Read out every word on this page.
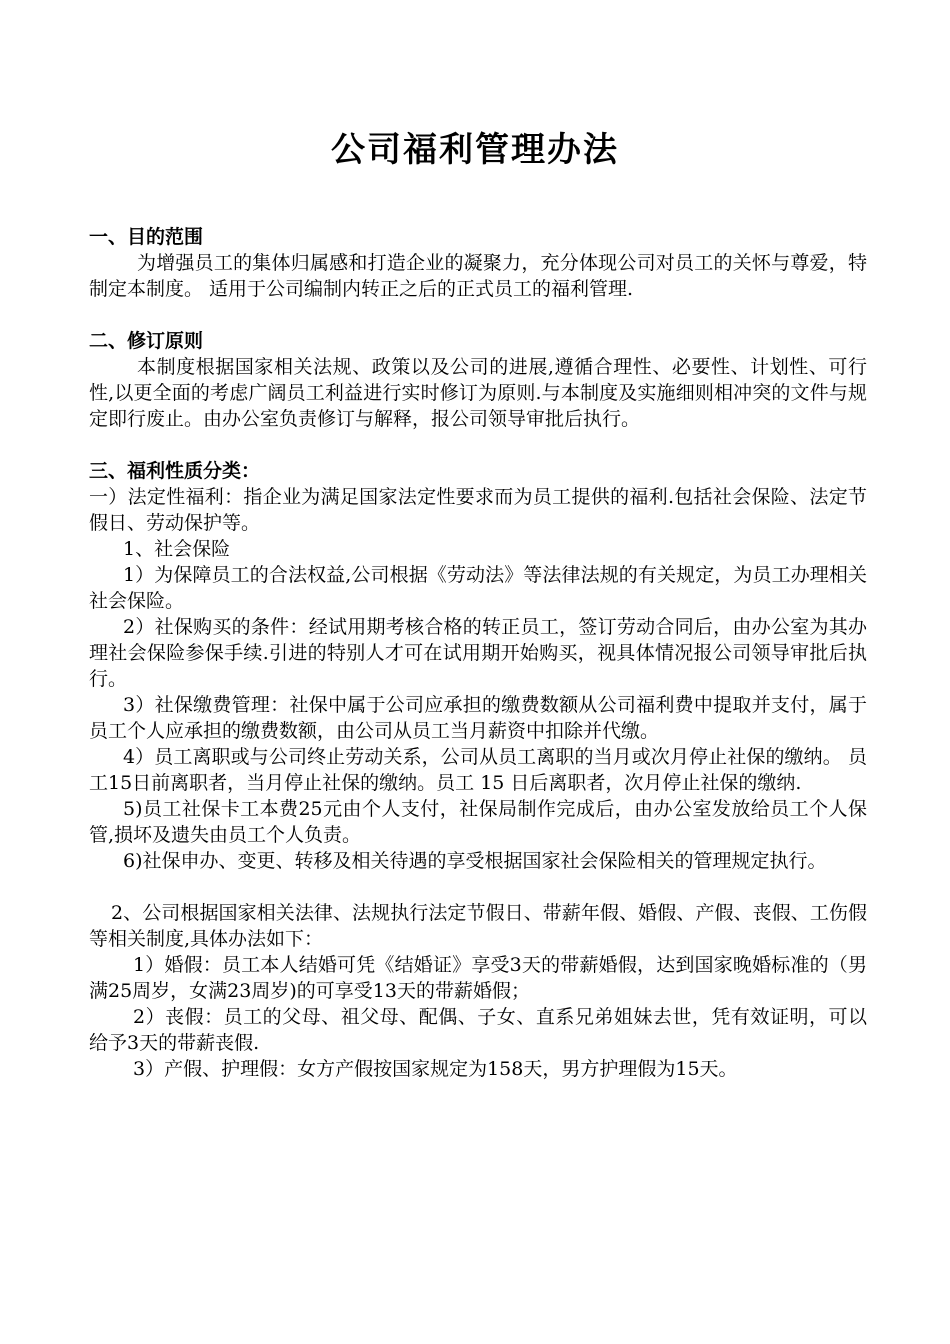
公司福利管理办法
一、目的范围
为增强员工的集体归属感和打造企业的凝聚力，充分体现公司对员工的关怀与尊爱，特制定本制度。 适用于公司编制内转正之后的正式员工的福利管理.
二、修订原则
本制度根据国家相关法规、政策以及公司的进展,遵循合理性、必要性、计划性、可行性,以更全面的考虑广阔员工利益进行实时修订为原则.与本制度及实施细则相冲突的文件与规定即行废止。由办公室负责修订与解释，报公司领导审批后执行。
三、福利性质分类：
一）法定性福利：指企业为满足国家法定性要求而为员工提供的福利.包括社会保险、法定节假日、劳动保护等。
1、社会保险
1）为保障员工的合法权益,公司根据《劳动法》等法律法规的有关规定，为员工办理相关社会保险。
2）社保购买的条件：经试用期考核合格的转正员工，签订劳动合同后，由办公室为其办理社会保险参保手续.引进的特别人才可在试用期开始购买，视具体情况报公司领导审批后执行。
3）社保缴费管理：社保中属于公司应承担的缴费数额从公司福利费中提取并支付，属于员工个人应承担的缴费数额，由公司从员工当月薪资中扣除并代缴。
4）员工离职或与公司终止劳动关系，公司从员工离职的当月或次月停止社保的缴纳。 员工15日前离职者，当月停止社保的缴纳。员工 15 日后离职者，次月停止社保的缴纳.
5)员工社保卡工本费25元由个人支付，社保局制作完成后，由办公室发放给员工个人保管,损坏及遗失由员工个人负责。
6)社保申办、变更、转移及相关待遇的享受根据国家社会保险相关的管理规定执行。
2、公司根据国家相关法律、法规执行法定节假日、带薪年假、婚假、产假、丧假、工伤假等相关制度,具体办法如下：
1）婚假：员工本人结婚可凭《结婚证》享受3天的带薪婚假，达到国家晚婚标准的（男满25周岁，女满23周岁)的可享受13天的带薪婚假；
2）丧假：员工的父母、祖父母、配偶、子女、直系兄弟姐妹去世，凭有效证明，可以给予3天的带薪丧假.
3）产假、护理假：女方产假按国家规定为158天，男方护理假为15天。
